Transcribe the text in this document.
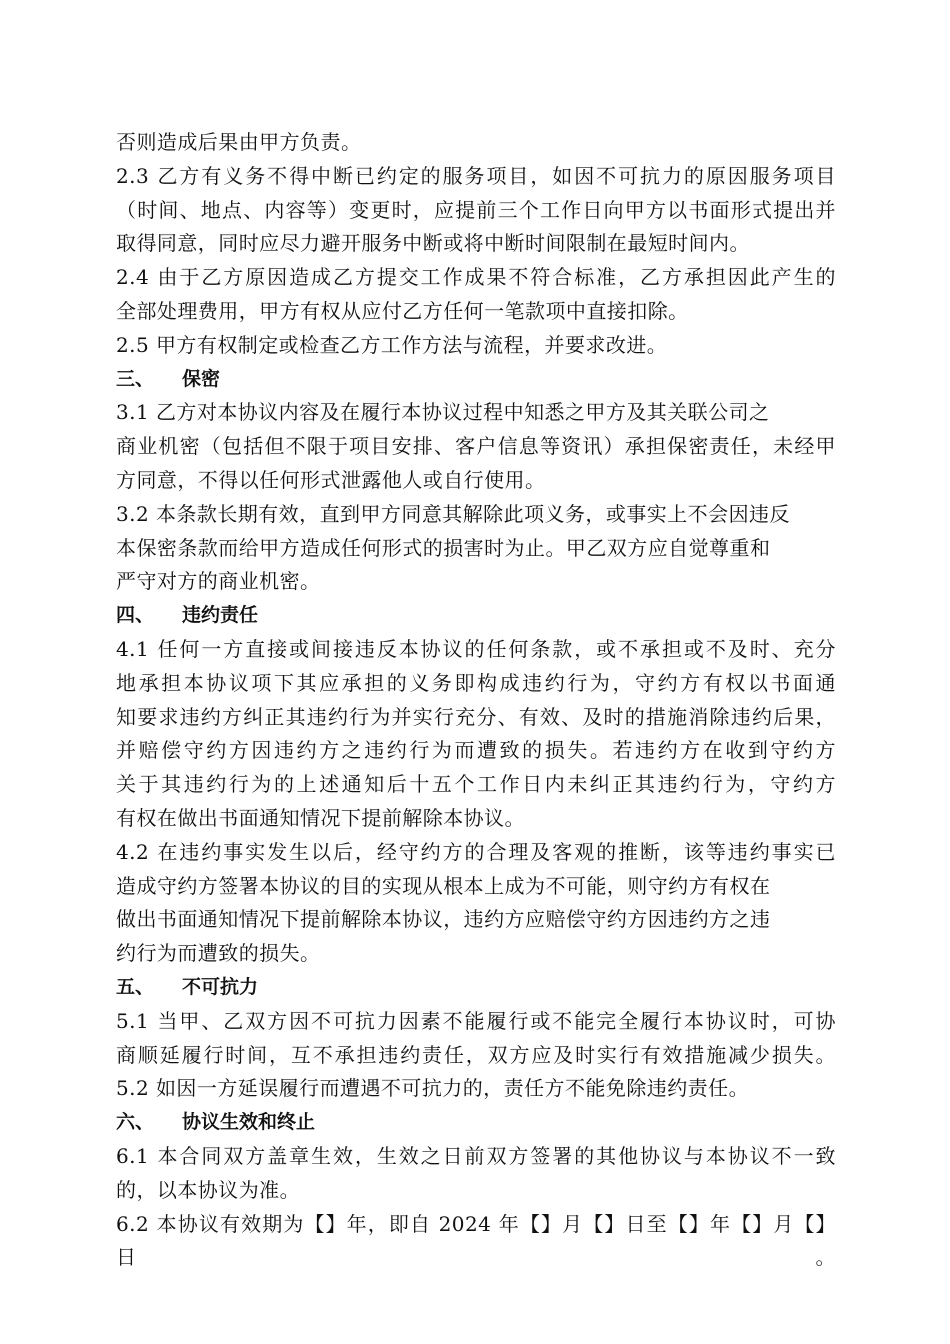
否则造成后果由甲方负责。
2.3 乙方有义务不得中断已约定的服务项目，如因不可抗力的原因服务项目
（时间、地点、内容等）变更时，应提前三个工作日向甲方以书面形式提出并
取得同意，同时应尽力避开服务中断或将中断时间限制在最短时间内。
2.4 由于乙方原因造成乙方提交工作成果不符合标准，乙方承担因此产生的
全部处理费用，甲方有权从应付乙方任何一笔款项中直接扣除。
2.5 甲方有权制定或检查乙方工作方法与流程，并要求改进。
三、 保密
3.1 乙方对本协议内容及在履行本协议过程中知悉之甲方及其关联公司之
商业机密（包括但不限于项目安排、客户信息等资讯）承担保密责任，未经甲
方同意，不得以任何形式泄露他人或自行使用。
3.2 本条款长期有效，直到甲方同意其解除此项义务，或事实上不会因违反
本保密条款而给甲方造成任何形式的损害时为止。甲乙双方应自觉尊重和
严守对方的商业机密。
四、 违约责任
4.1 任何一方直接或间接违反本协议的任何条款，或不承担或不及时、充分
地承担本协议项下其应承担的义务即构成违约行为，守约方有权以书面通
知要求违约方纠正其违约行为并实行充分、有效、及时的措施消除违约后果，
并赔偿守约方因违约方之违约行为而遭致的损失。若违约方在收到守约方
关于其违约行为的上述通知后十五个工作日内未纠正其违约行为，守约方
有权在做出书面通知情况下提前解除本协议。
4.2 在违约事实发生以后，经守约方的合理及客观的推断，该等违约事实已
造成守约方签署本协议的目的实现从根本上成为不可能，则守约方有权在
做出书面通知情况下提前解除本协议，违约方应赔偿守约方因违约方之违
约行为而遭致的损失。
五、 不可抗力
5.1 当甲、乙双方因不可抗力因素不能履行或不能完全履行本协议时，可协
商顺延履行时间，互不承担违约责任，双方应及时实行有效措施减少损失。
5.2 如因一方延误履行而遭遇不可抗力的，责任方不能免除违约责任。
六、 协议生效和终止
6.1 本合同双方盖章生效，生效之日前双方签署的其他协议与本协议不一致
的，以本协议为准。
6.2 本协议有效期为【】年，即自 2024 年【】月【】日至【】年【】月【】日。
